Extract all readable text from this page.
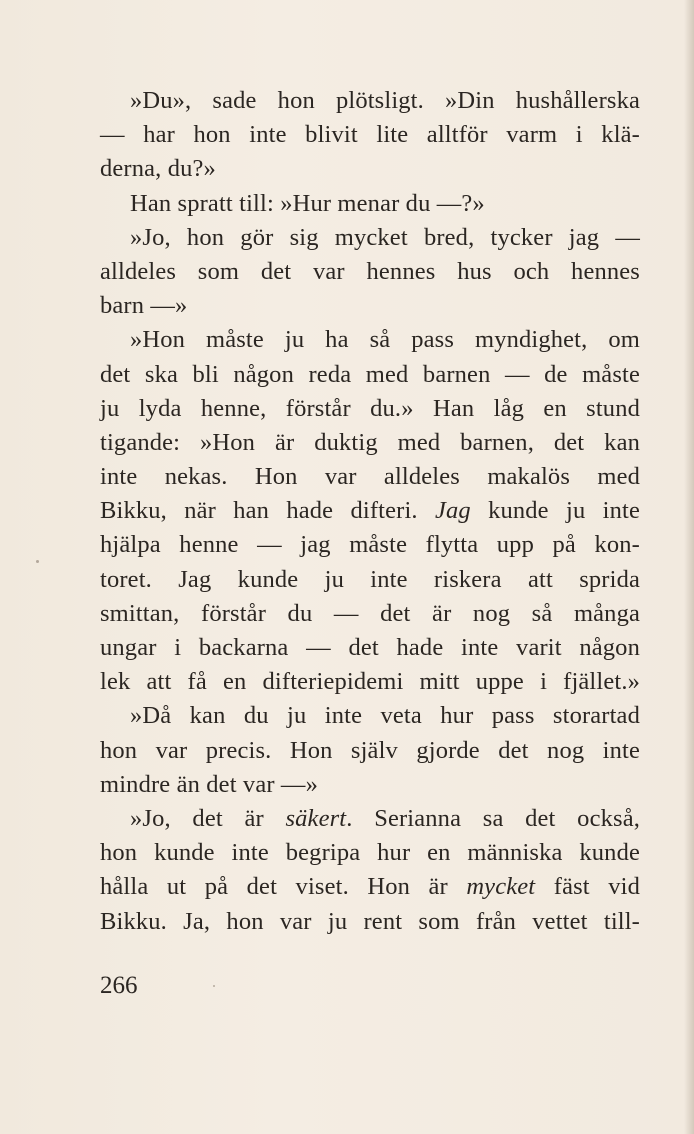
»Du», sade hon plötsligt. »Din hushållerska
— har hon inte blivit lite alltför varm i klä-
derna, du?»
Han spratt till: »Hur menar du —?»
»Jo, hon gör sig mycket bred, tycker jag —
alldeles som det var hennes hus och hennes
barn —»
»Hon måste ju ha så pass myndighet, om
det ska bli någon reda med barnen — de måste
ju lyda henne, förstår du.» Han låg en stund
tigande: »Hon är duktig med barnen, det kan
inte nekas. Hon var alldeles makalös med
Bikku, när han hade difteri. Jag kunde ju inte
hjälpa henne — jag måste flytta upp på kon-
toret. Jag kunde ju inte riskera att sprida
smittan, förstår du — det är nog så många
ungar i backarna — det hade inte varit någon
lek att få en difteriepidemi mitt uppe i fjället.»
»Då kan du ju inte veta hur pass storartad
hon var precis. Hon själv gjorde det nog inte
mindre än det var —»
»Jo, det är säkert. Serianna sa det också,
hon kunde inte begripa hur en människa kunde
hålla ut på det viset. Hon är mycket fäst vid
Bikku. Ja, hon var ju rent som från vettet till-
266
